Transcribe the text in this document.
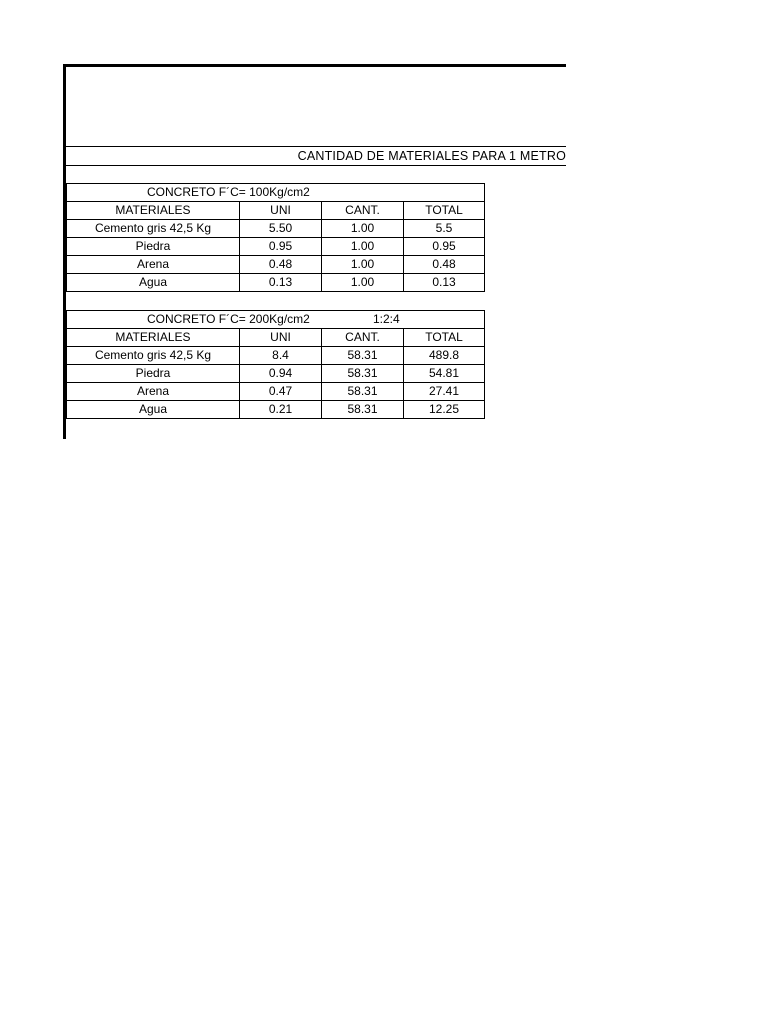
CANTIDAD DE MATERIALES PARA 1 METRO
CONCRETO F´C= 100Kg/cm2			

MATERIALES	UNI	CANT.	TOTAL
Cemento gris 42,5 Kg	5.50	1.00	5.5
Piedra	0.95	1.00	0.95
Arena	0.48	1.00	0.48
Agua	0.13	1.00	0.13
CONCRETO F´C= 200Kg/cm2 1:2:4			

MATERIALES	UNI	CANT.	TOTAL
Cemento gris 42,5 Kg	8.4	58.31	489.8
Piedra	0.94	58.31	54.81
Arena	0.47	58.31	27.41
Agua	0.21	58.31	12.25
